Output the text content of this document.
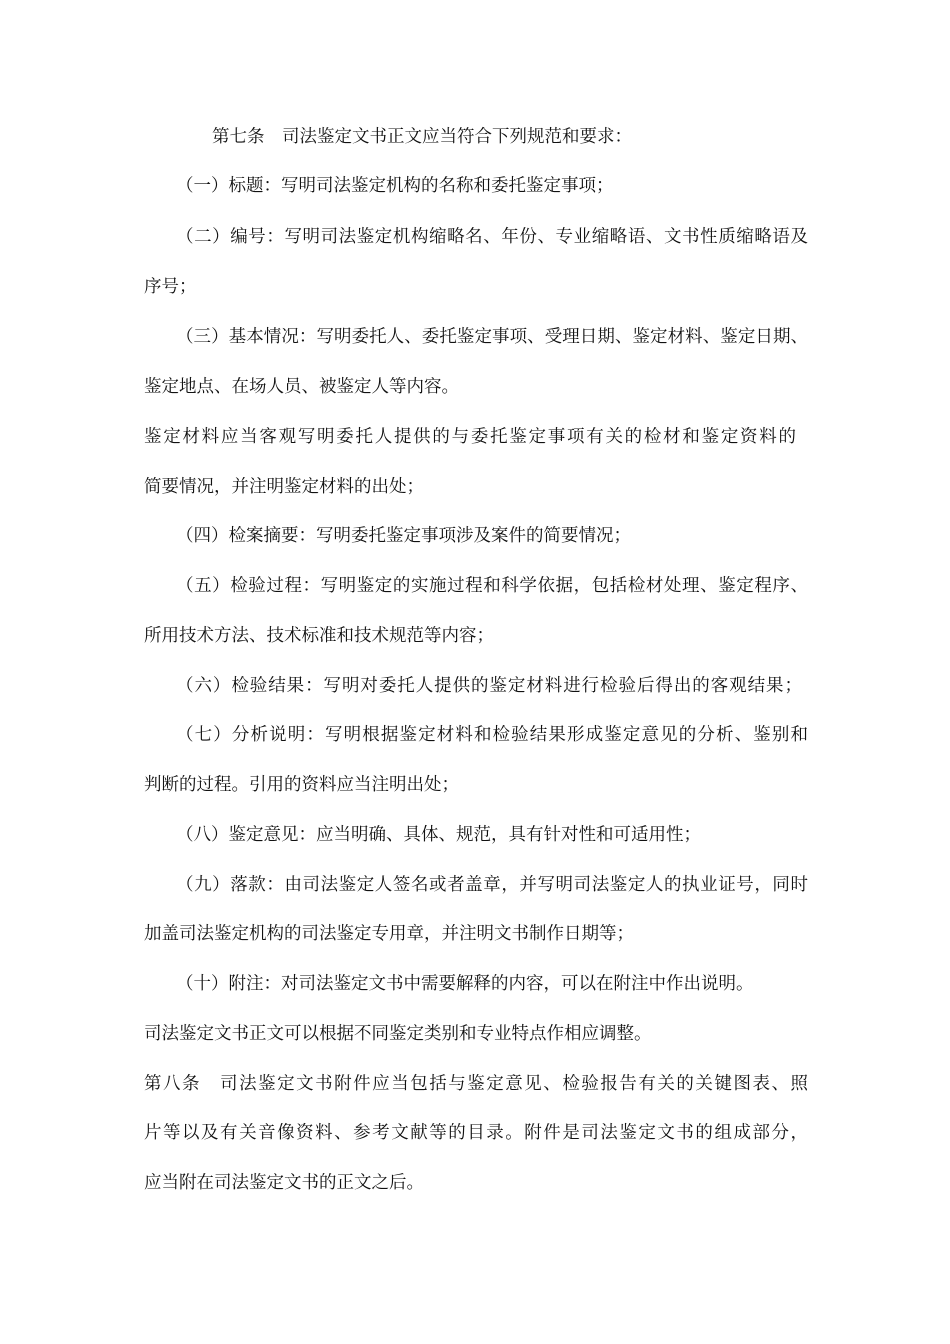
第七条　司法鉴定文书正文应当符合下列规范和要求：
（一）标题：写明司法鉴定机构的名称和委托鉴定事项；
（二）编号：写明司法鉴定机构缩略名、年份、专业缩略语、文书性质缩略语及
序号；
（三）基本情况：写明委托人、委托鉴定事项、受理日期、鉴定材料、鉴定日期、
鉴定地点、在场人员、被鉴定人等内容。
鉴定材料应当客观写明委托人提供的与委托鉴定事项有关的检材和鉴定资料的
简要情况，并注明鉴定材料的出处；
（四）检案摘要：写明委托鉴定事项涉及案件的简要情况；
（五）检验过程：写明鉴定的实施过程和科学依据，包括检材处理、鉴定程序、
所用技术方法、技术标准和技术规范等内容；
（六）检验结果：写明对委托人提供的鉴定材料进行检验后得出的客观结果；
（七）分析说明：写明根据鉴定材料和检验结果形成鉴定意见的分析、鉴别和
判断的过程。引用的资料应当注明出处；
（八）鉴定意见：应当明确、具体、规范，具有针对性和可适用性；
（九）落款：由司法鉴定人签名或者盖章，并写明司法鉴定人的执业证号，同时
加盖司法鉴定机构的司法鉴定专用章，并注明文书制作日期等；
（十）附注：对司法鉴定文书中需要解释的内容，可以在附注中作出说明。
司法鉴定文书正文可以根据不同鉴定类别和专业特点作相应调整。
第八条　司法鉴定文书附件应当包括与鉴定意见、检验报告有关的关键图表、照
片等以及有关音像资料、参考文献等的目录。附件是司法鉴定文书的组成部分，
应当附在司法鉴定文书的正文之后。
